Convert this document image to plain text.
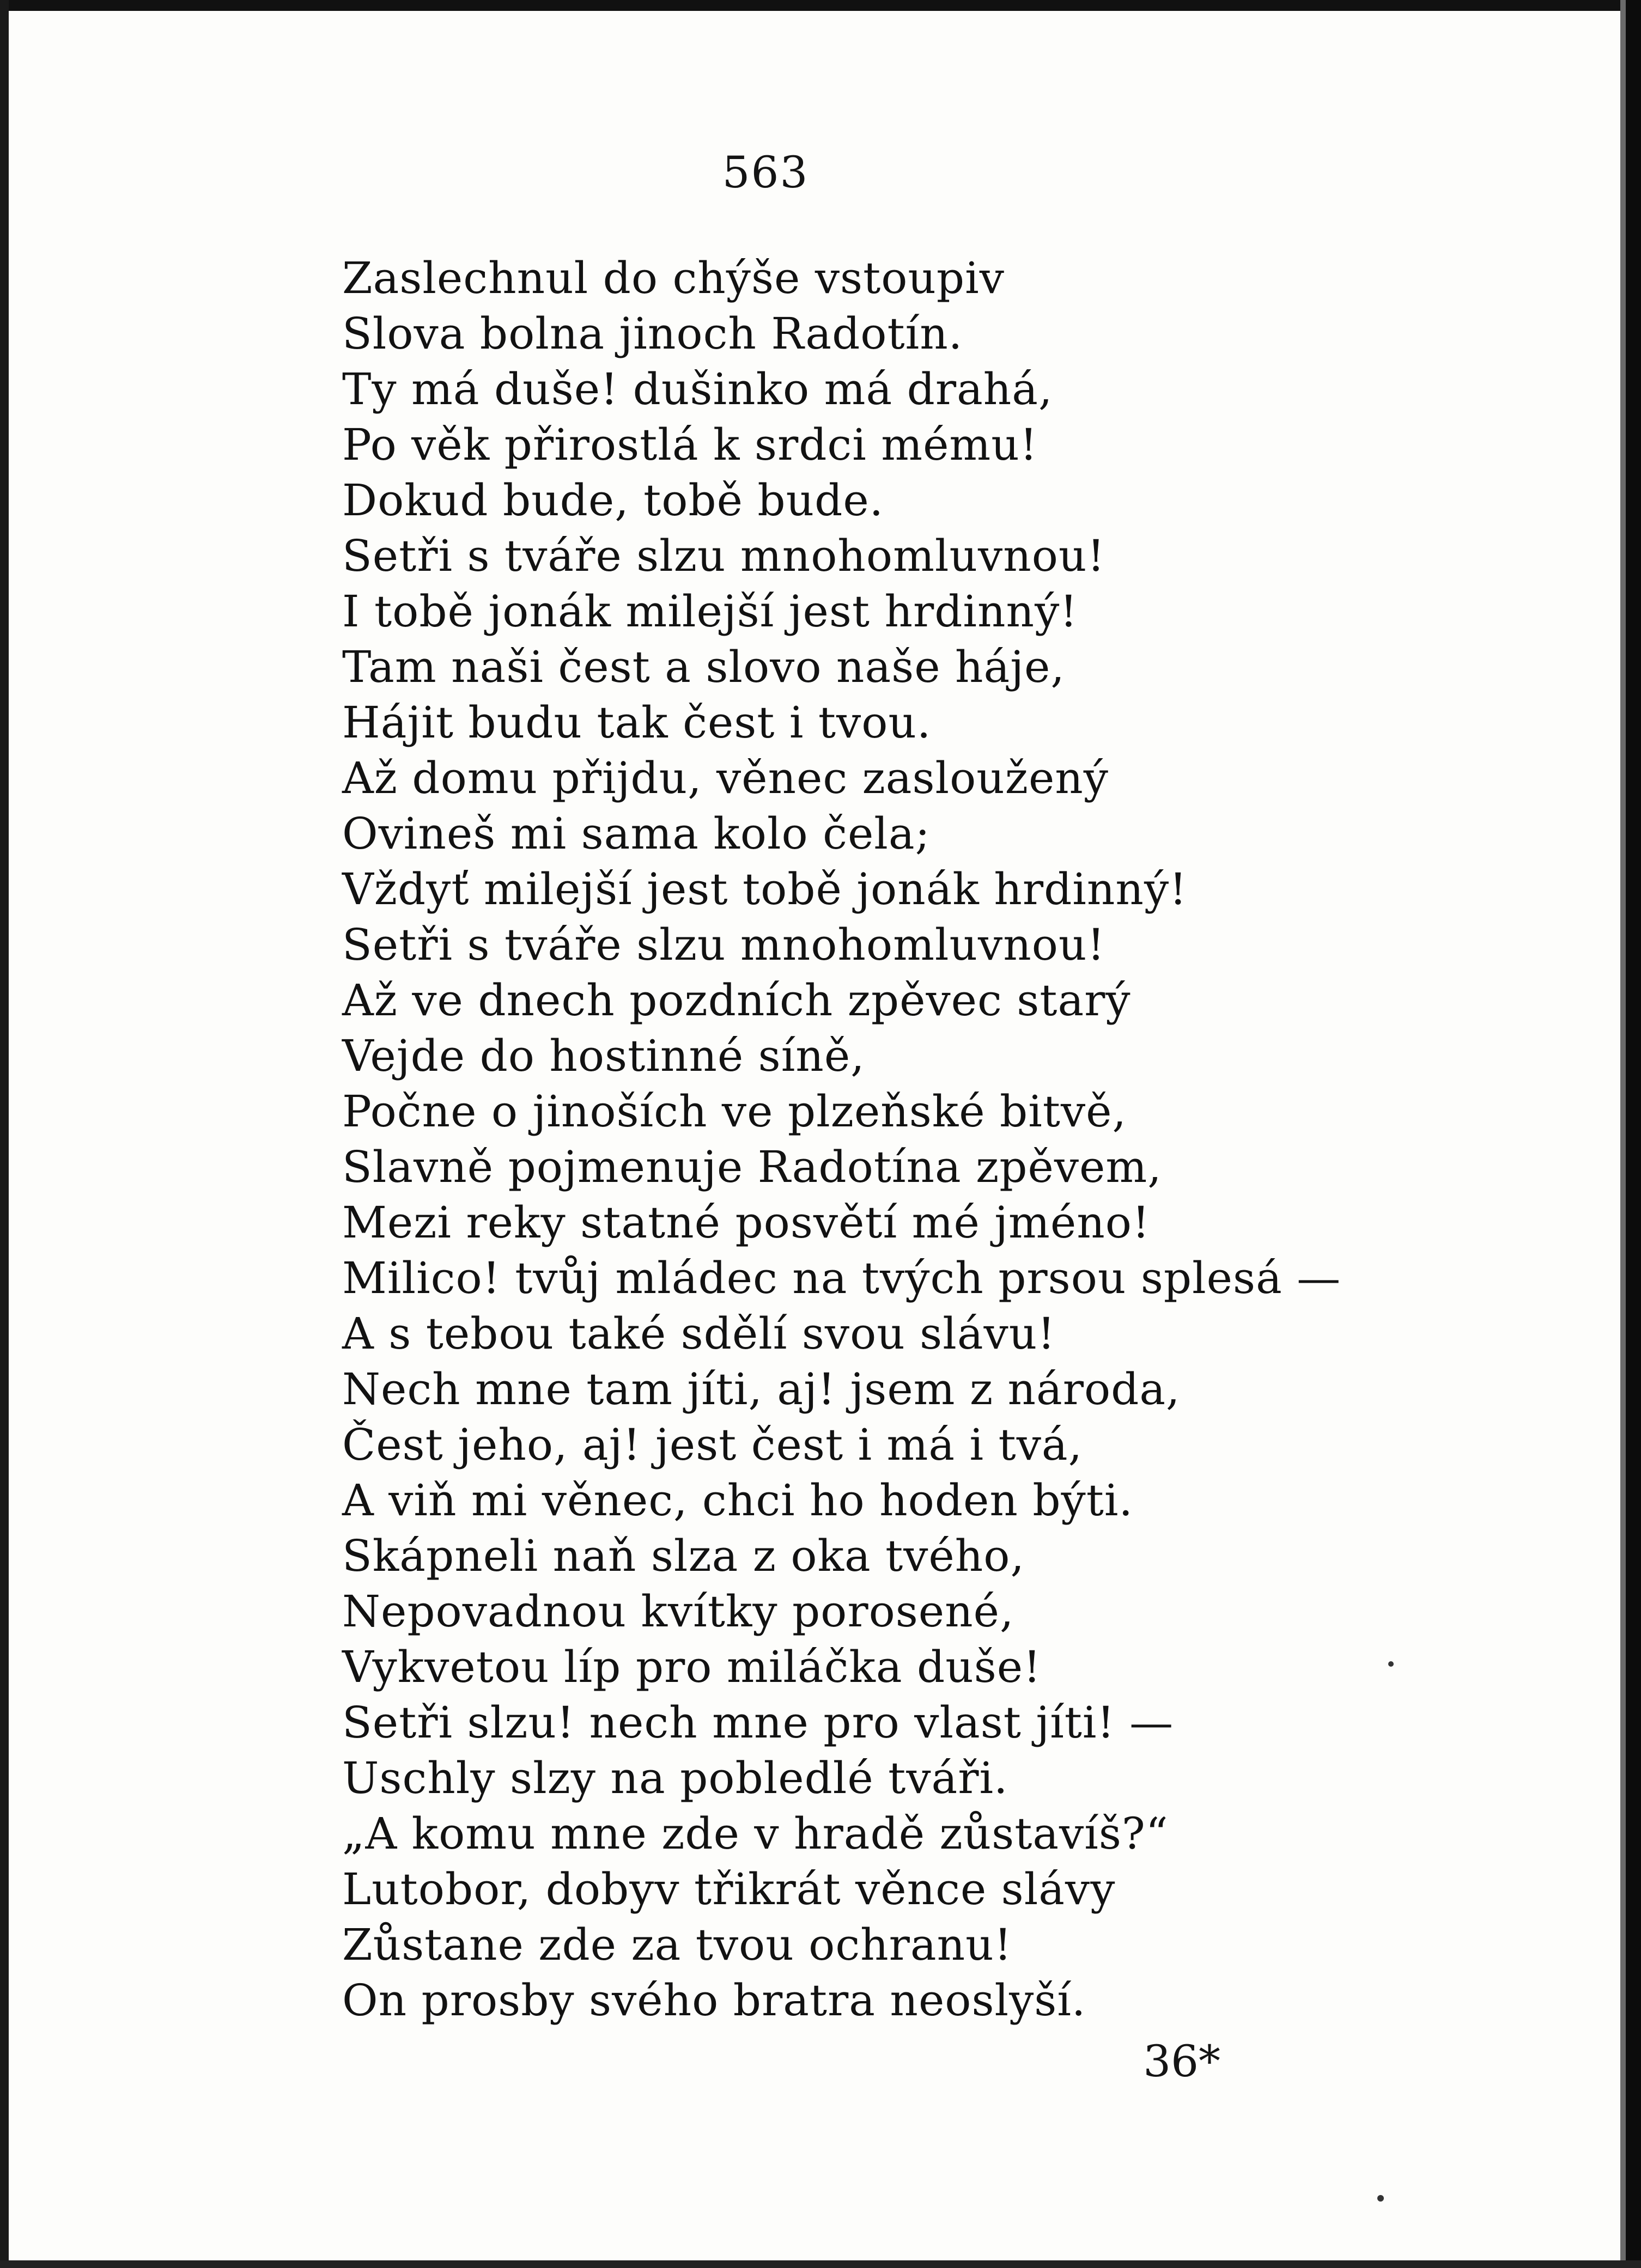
563
Zaslechnul do chýše vstoupiv
Slova bolna jinoch Radotín.
Ty má duše! dušinko má drahá,
Po věk přirostlá k srdci mému!
Dokud bude, tobě bude.
Setři s tváře slzu mnohomluvnou!
I tobě jonák milejší jest hrdinný!
Tam naši čest a slovo naše háje,
Hájit budu tak čest i tvou.
Až domu přijdu, věnec zasloužený
Ovineš mi sama kolo čela;
Vždyť milejší jest tobě jonák hrdinný!
Setři s tváře slzu mnohomluvnou!
Až ve dnech pozdních zpěvec starý
Vejde do hostinné síně,
Počne o jinoších ve plzeňské bitvě,
Slavně pojmenuje Radotína zpěvem,
Mezi reky statné posvětí mé jméno!
Milico! tvůj mládec na tvých prsou splesá —
A s tebou také sdělí svou slávu!
Nech mne tam jíti, aj! jsem z národa,
Čest jeho, aj! jest čest i má i tvá,
A viň mi věnec, chci ho hoden býti.
Skápneli naň slza z oka tvého,
Nepovadnou kvítky porosené,
Vykvetou líp pro miláčka duše!
Setři slzu! nech mne pro vlast jíti! —
Uschly slzy na pobledlé tváři.
„A komu mne zde v hradě zůstavíš?“
Lutobor, dobyv třikrát věnce slávy
Zůstane zde za tvou ochranu!
On prosby svého bratra neoslyší.
36*
